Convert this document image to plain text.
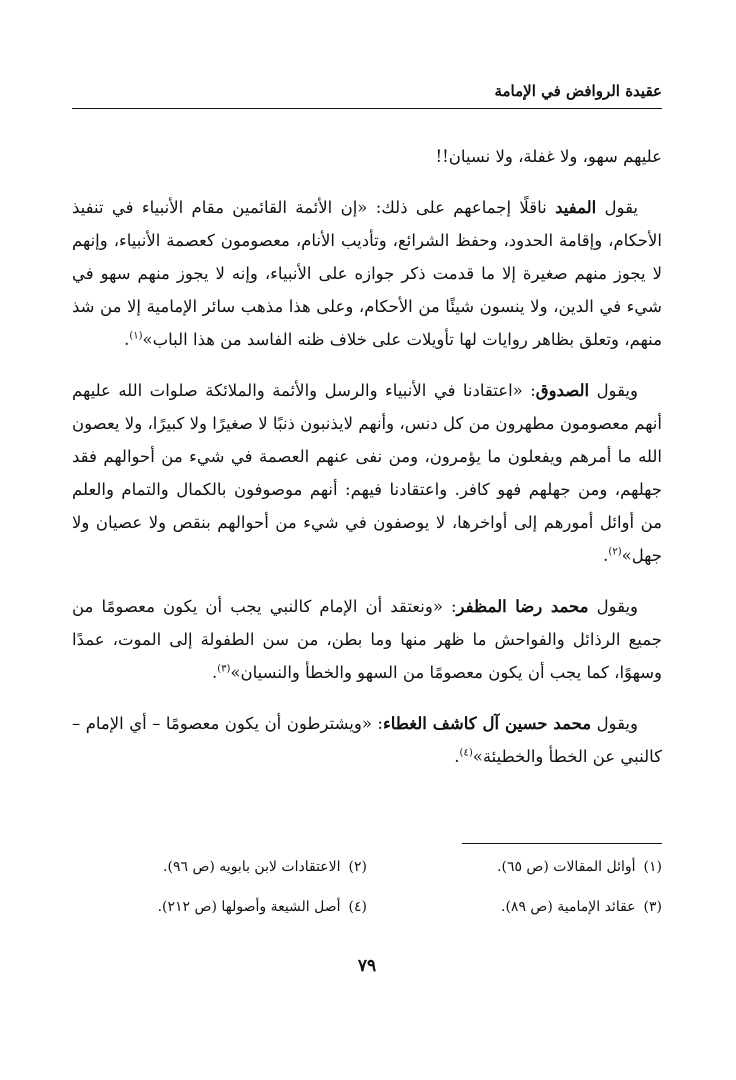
عقيدة الروافض في الإمامة

عليهم سهو، ولا غفلة، ولا نسيان!!

يقول المفيد ناقلًا إجماعهم على ذلك: «إن الأئمة القائمين مقام الأنبياء في تنفيذ الأحكام، وإقامة الحدود، وحفظ الشرائع، وتأديب الأنام، معصومون كعصمة الأنبياء، وإنهم لا يجوز منهم صغيرة إلا ما قدمت ذكر جوازه على الأنبياء، وإنه لا يجوز منهم سهو في شيء في الدين، ولا ينسون شيئًا من الأحكام، وعلى هذا مذهب سائر الإمامية إلا من شذ منهم، وتعلق بظاهر روايات لها تأويلات على خلاف ظنه الفاسد من هذا الباب»$^{(١)}$.

ويقول الصدوق: «اعتقادنا في الأنبياء والرسل والأئمة والملائكة صلوات الله عليهم أنهم معصومون مطهرون من كل دنس، وأنهم لايذنبون ذنبًا لا صغيرًا ولا كبيرًا، ولا يعصون الله ما أمرهم ويفعلون ما يؤمرون، ومن نفى عنهم العصمة في شيء من أحوالهم فقد جهلهم، ومن جهلهم فهو كافر. واعتقادنا فيهم: أنهم موصوفون بالكمال والتمام والعلم من أوائل أمورهم إلى أواخرها، لا يوصفون في شيء من أحوالهم بنقص ولا عصيان ولا جهل»$^{(٢)}$.

ويقول محمد رضا المظفر: «ونعتقد أن الإمام كالنبي يجب أن يكون معصومًا من جميع الرذائل والفواحش ما ظهر منها وما بطن، من سن الطفولة إلى الموت، عمدًا وسهوًا، كما يجب أن يكون معصومًا من السهو والخطأ والنسيان»$^{(٣)}$.

ويقول محمد حسين آل كاشف الغطاء: «ويشترطون أن يكون معصومًا – أي الإمام – كالنبي عن الخطأ والخطيئة»$^{(٤)}$.

(١)أوائل المقالات (ص ٦٥).
(٢)الاعتقادات لابن بابويه (ص ٩٦).
(٣)عقائد الإمامية (ص ٨٩).
(٤)أصل الشيعة وأصولها (ص ٢١٢).
٧٩
